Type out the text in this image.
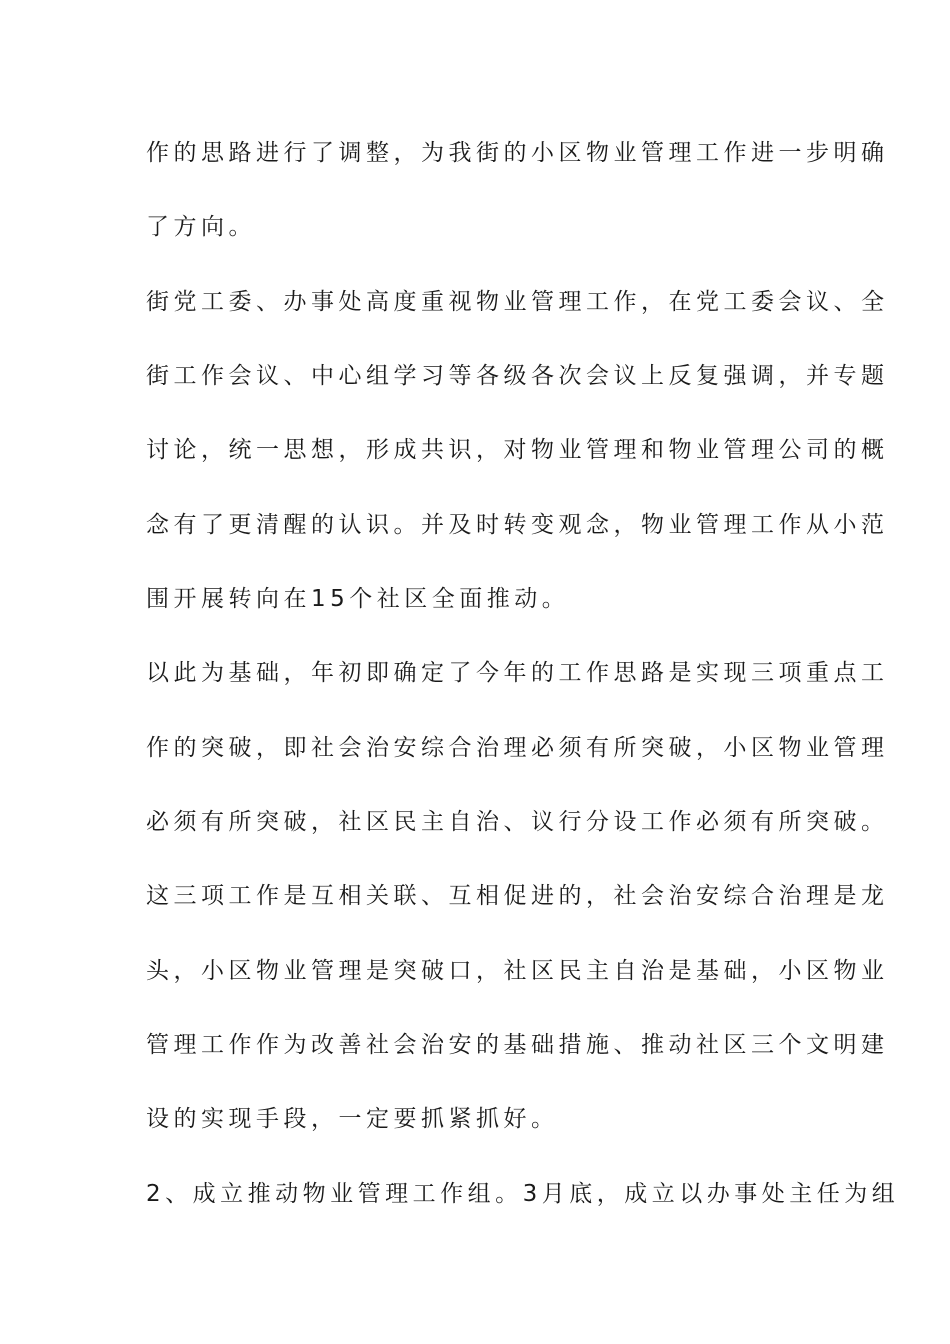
作的思路进行了调整，为我街的小区物业管理工作进一步明确
了方向。
街党工委、办事处高度重视物业管理工作，在党工委会议、全
街工作会议、中心组学习等各级各次会议上反复强调，并专题
讨论，统一思想，形成共识，对物业管理和物业管理公司的概
念有了更清醒的认识。并及时转变观念，物业管理工作从小范
围开展转向在15个社区全面推动。
以此为基础，年初即确定了今年的工作思路是实现三项重点工
作的突破，即社会治安综合治理必须有所突破，小区物业管理
必须有所突破，社区民主自治、议行分设工作必须有所突破。
这三项工作是互相关联、互相促进的，社会治安综合治理是龙
头，小区物业管理是突破口，社区民主自治是基础，小区物业
管理工作作为改善社会治安的基础措施、推动社区三个文明建
设的实现手段，一定要抓紧抓好。
2、成立推动物业管理工作组。3月底，成立以办事处主任为组
